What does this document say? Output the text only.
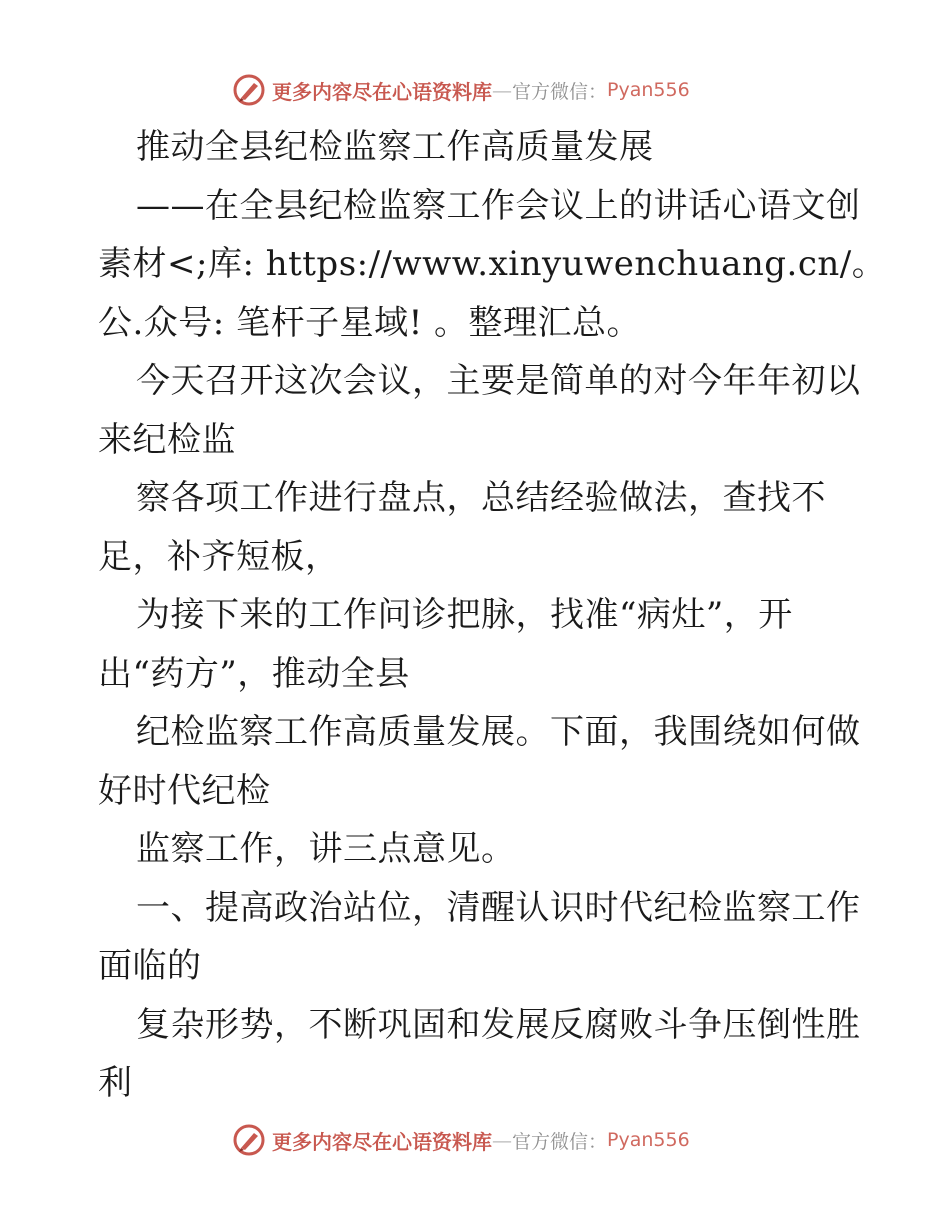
更多内容尽在心语资料库 — 官方微信： Pyan556
推动全县纪检监察工作高质量发展
——在全县纪检监察工作会议上的讲话心语文创
素材<;库: https://www.xinyuwenchuang.cn/。
公.众号: 笔杆子星域! 。整理汇总。
今天召开这次会议，主要是简单的对今年年初以
来纪检监
察各项工作进行盘点，总结经验做法，查找不
足，补齐短板，
为接下来的工作问诊把脉，找准“病灶”，开
出“药方”，推动全县
纪检监察工作高质量发展。下面，我围绕如何做
好时代纪检
监察工作，讲三点意见。
一、提高政治站位，清醒认识时代纪检监察工作
面临的
复杂形势，不断巩固和发展反腐败斗争压倒性胜
利
更多内容尽在心语资料库 — 官方微信： Pyan556
